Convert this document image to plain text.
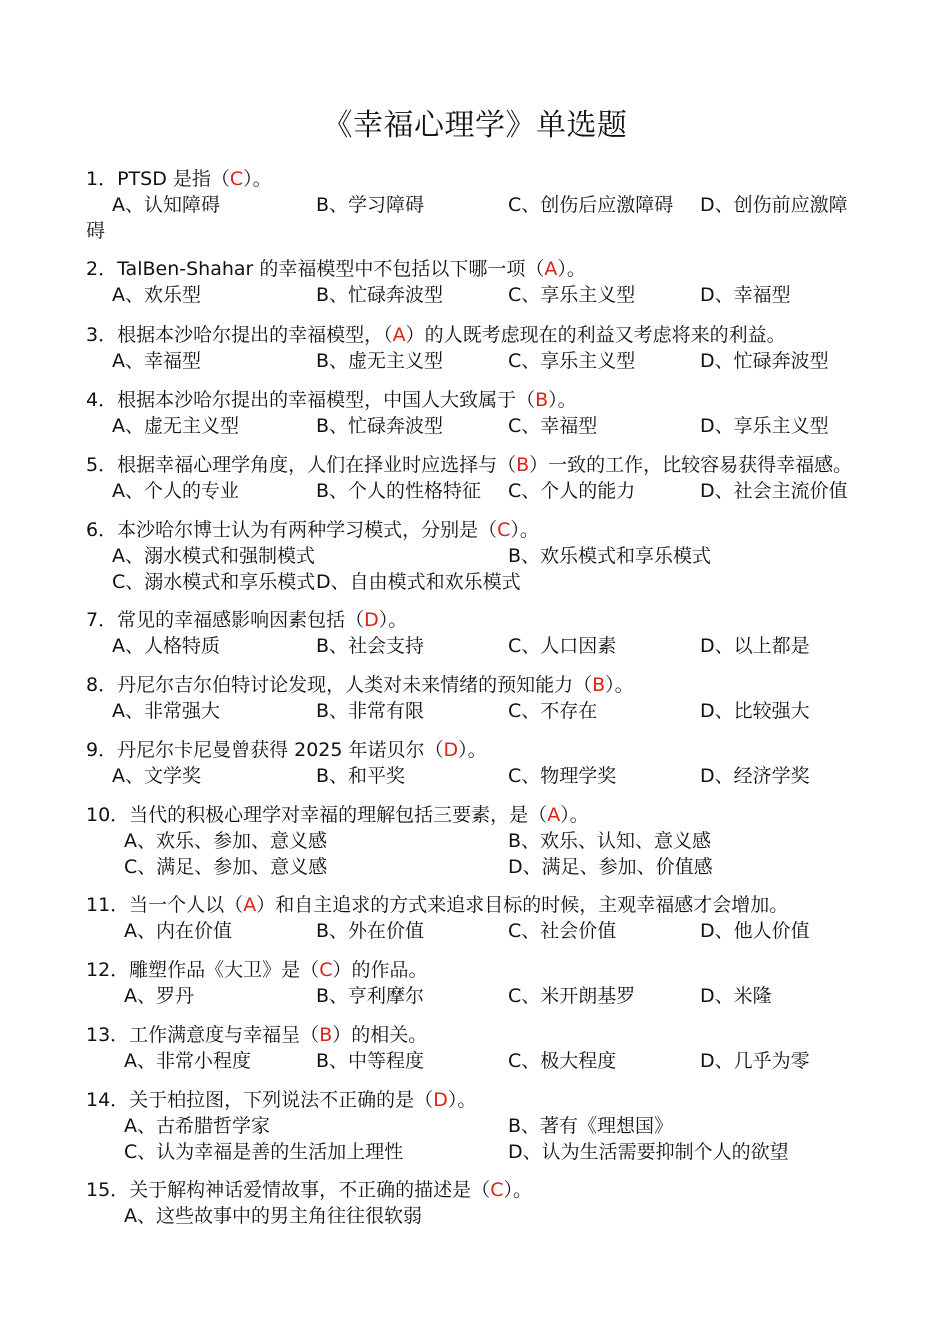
《幸福心理学》单选题
1．PTSD 是指（C）。
A、认知障碍	B、学习障碍	C、创伤后应激障碍 D、创伤前应激障
碍
2．TalBen-Shahar 的幸福模型中不包括以下哪一项（A）。
A、欢乐型	B、忙碌奔波型	C、享乐主义型	D、幸福型
3．根据本沙哈尔提出的幸福模型，（A）的人既考虑现在的利益又考虑将来的利益。
A、幸福型	B、虚无主义型	C、享乐主义型	D、忙碌奔波型
4．根据本沙哈尔提出的幸福模型，中国人大致属于（B）。
A、虚无主义型	B、忙碌奔波型	C、幸福型	D、享乐主义型
5．根据幸福心理学角度，人们在择业时应选择与（B）一致的工作，比较容易获得幸福感。
A、个人的专业	B、个人的性格特征 C、个人的能力	D、社会主流价值
6．本沙哈尔博士认为有两种学习模式，分别是（C）。
A、溺水模式和强制模式	B、欢乐模式和享乐模式
C、溺水模式和享乐模式 D、自由模式和欢乐模式
7．常见的幸福感影响因素包括（D）。
A、人格特质	B、社会支持	C、人口因素	D、以上都是
8．丹尼尔吉尔伯特讨论发现，人类对未来情绪的预知能力（B）。
A、非常强大	B、非常有限	C、不存在	D、比较强大
9．丹尼尔卡尼曼曾获得 2025 年诺贝尔（D）。
A、文学奖	B、和平奖	C、物理学奖	D、经济学奖
10．当代的积极心理学对幸福的理解包括三要素，是（A）。
A、欢乐、参加、意义感	B、欢乐、认知、意义感
C、满足、参加、意义感	D、满足、参加、价值感
11．当一个人以（A）和自主追求的方式来追求目标的时候，主观幸福感才会增加。
A、内在价值	B、外在价值	C、社会价值	D、他人价值
12．雕塑作品《大卫》是（C）的作品。
A、罗丹	B、亨利摩尔	C、米开朗基罗	D、米隆
13．工作满意度与幸福呈（B）的相关。
A、非常小程度	B、中等程度	C、极大程度	D、几乎为零
14．关于柏拉图，下列说法不正确的是（D）。
A、古希腊哲学家	B、著有《理想国》
C、认为幸福是善的生活加上理性	D、认为生活需要抑制个人的欲望
15．关于解构神话爱情故事，不正确的描述是（C）。
A、这些故事中的男主角往往很软弱
